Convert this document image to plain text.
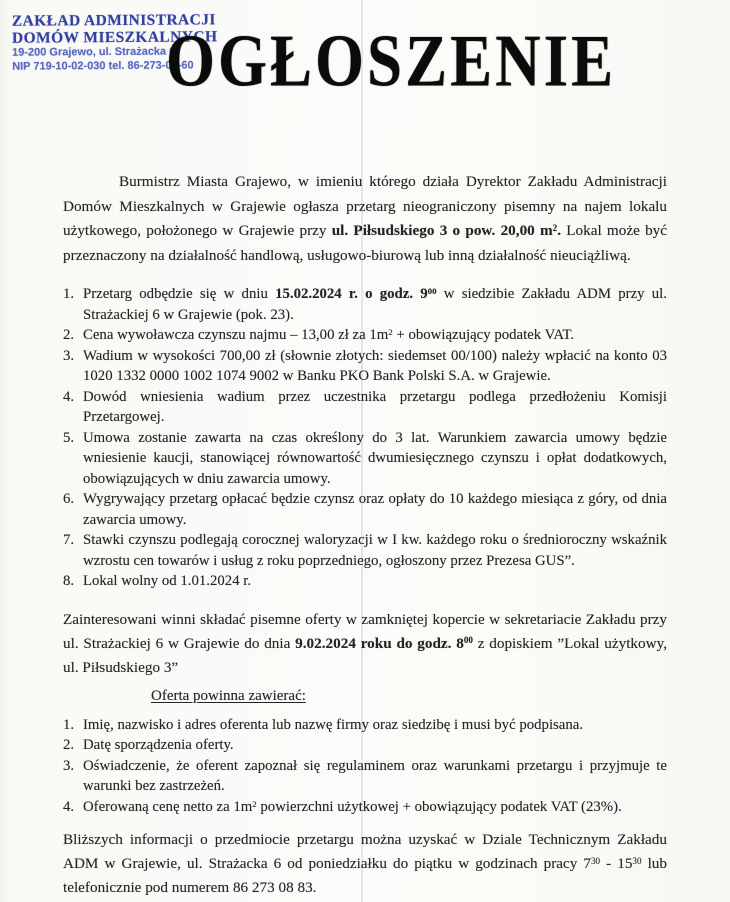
ZAKŁAD ADMINISTRACJI
DOMÓW MIESZKALNYCH
19-200 Grajewo, ul. Strażacka 6
NIP 719-10-02-030 tel. 86-273-08-60
OGŁOSZENIE

Burmistrz Miasta Grajewo, w imieniu którego działa Dyrektor Zakładu Administracji Domów Mieszkalnych w Grajewie ogłasza przetarg nieograniczony pisemny na najem lokalu użytkowego, położonego w Grajewie przy ul. Piłsudskiego 3 o pow. 20,00 $m^2$. Lokal może być przeznaczony na działalność handlową, usługowo-biurową lub inną działalność nieuciążliwą.

1. Przetarg odbędzie się w dniu 15.02.2024 r. o godz. $9^{00}$ w siedzibie Zakładu ADM przy ul. Strażackiej 6 w Grajewie (pok. 23).
2. Cena wywoławcza czynszu najmu – 13,00 zł za $1m^2$ + obowiązujący podatek VAT.
3. Wadium w wysokości 700,00 zł (słownie złotych: siedemset 00/100) należy wpłacić na konto 03 1020 1332 0000 1002 1074 9002 w Banku PKO Bank Polski S.A. w Grajewie.
4. Dowód wniesienia wadium przez uczestnika przetargu podlega przedłożeniu Komisji Przetargowej.
5. Umowa zostanie zawarta na czas określony do 3 lat. Warunkiem zawarcia umowy będzie wniesienie kaucji, stanowiącej równowartość dwumiesięcznego czynszu i opłat dodatkowych, obowiązujących w dniu zawarcia umowy.
6. Wygrywający przetarg opłacać będzie czynsz oraz opłaty do 10 każdego miesiąca z góry, od dnia zawarcia umowy.
7. Stawki czynszu podlegają corocznej waloryzacji w I kw. każdego roku o średnioroczny wskaźnik wzrostu cen towarów i usług z roku poprzedniego, ogłoszony przez Prezesa GUS”.
8. Lokal wolny od 1.01.2024 r.

Zainteresowani winni składać pisemne oferty w zamkniętej kopercie w sekretariacie Zakładu przy ul. Strażackiej 6 w Grajewie do dnia 9.02.2024 roku do godz. $8^{00}$ z dopiskiem ”Lokal użytkowy, ul. Piłsudskiego 3”

Oferta powinna zawierać:

1. Imię, nazwisko i adres oferenta lub nazwę firmy oraz siedzibę i musi być podpisana.
2. Datę sporządzenia oferty.
3. Oświadczenie, że oferent zapoznał się regulaminem oraz warunkami przetargu i przyjmuje te warunki bez zastrzeżeń.
4. Oferowaną cenę netto za $1m^2$ powierzchni użytkowej + obowiązujący podatek VAT (23%).

Bliższych informacji o przedmiocie przetargu można uzyskać w Dziale Technicznym Zakładu ADM w Grajewie, ul. Strażacka 6 od poniedziałku do piątku w godzinach pracy $7^{30} - 15^{30}$ lub telefonicznie pod numerem 86 273 08 83.
